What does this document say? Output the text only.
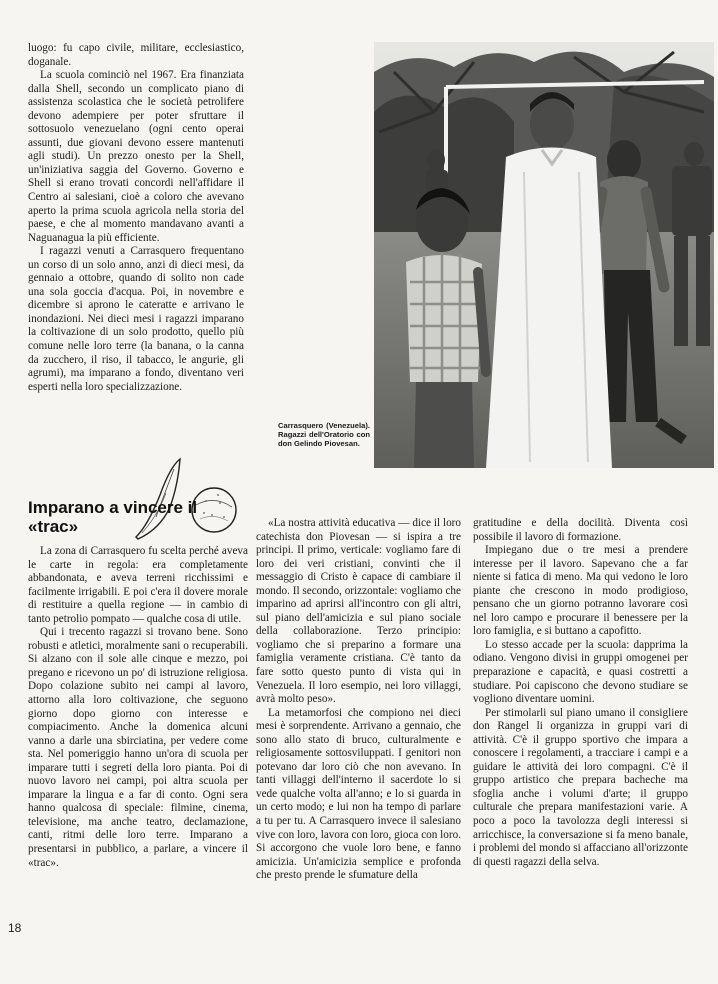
Carrasquero (Venezuela). Ragazzi dell'Oratorio con don Gelindo Piovesan.

luogo: fu capo civile, militare, ecclesiastico, doganale.

La scuola cominciò nel 1967. Era finanziata dalla Shell, secondo un complicato piano di assistenza scolastica che le società petrolifere devono adempiere per poter sfruttare il sottosuolo venezuelano (ogni cento operai assunti, due giovani devono essere mantenuti agli studi). Un prezzo onesto per la Shell, un'iniziativa saggia del Governo. Governo e Shell si erano trovati concordi nell'affidare il Centro ai salesiani, cioè a coloro che avevano aperto la prima scuola agricola nella storia del paese, e che al momento mandavano avanti a Naguanagua la più efficiente.

I ragazzi venuti a Carrasquero frequentano un corso di un solo anno, anzi di dieci mesi, da gennaio a ottobre, quando di solito non cade una sola goccia d'acqua. Poi, in novembre e dicembre si aprono le cateratte e arrivano le inondazioni. Nei dieci mesi i ragazzi imparano la coltivazione di un solo prodotto, quello più comune nelle loro terre (la banana, o la canna da zucchero, il riso, il tabacco, le angurie, gli agrumi), ma imparano a fondo, diventano veri esperti nella loro specializzazione.

Imparano a vincere il «trac»

La zona di Carrasquero fu scelta perché aveva le carte in regola: era completamente abbandonata, e aveva terreni ricchissimi e facilmente irrigabili. E poi c'era il dovere morale di restituire a quella regione — in cambio di tanto petrolio pompato — qualche cosa di utile.

Qui i trecento ragazzi si trovano bene. Sono robusti e atletici, moralmente sani o recuperabili. Si alzano con il sole alle cinque e mezzo, poi pregano e ricevono un po' di istruzione religiosa. Dopo colazione subito nei campi al lavoro, attorno alla loro coltivazione, che seguono giorno dopo giorno con interesse e compiacimento. Anche la domenica alcuni vanno a darle una sbirciatina, per vedere come sta. Nel pomeriggio hanno un'ora di scuola per imparare tutti i segreti della loro pianta. Poi di nuovo lavoro nei campi, poi altra scuola per imparare la lingua e a far di conto. Ogni sera hanno qualcosa di speciale: filmine, cinema, televisione, ma anche teatro, declamazione, canti, ritmi delle loro terre. Imparano a presentarsi in pubblico, a parlare, a vincere il «trac».

«La nostra attività educativa — dice il loro catechista don Piovesan — si ispira a tre principi. Il primo, verticale: vogliamo fare di loro dei veri cristiani, convinti che il messaggio di Cristo è capace di cambiare il mondo. Il secondo, orizzontale: vogliamo che imparino ad aprirsi all'incontro con gli altri, sul piano dell'amicizia e sul piano sociale della collaborazione. Terzo principio: vogliamo che si preparino a formare una famiglia veramente cristiana. C'è tanto da fare sotto questo punto di vista qui in Venezuela. Il loro esempio, nei loro villaggi, avrà molto peso».

La metamorfosi che compiono nei dieci mesi è sorprendente. Arrivano a gennaio, che sono allo stato di bruco, culturalmente e religiosamente sottosviluppati. I genitori non potevano dar loro ciò che non avevano. In tanti villaggi dell'interno il sacerdote lo si vede qualche volta all'anno; e lo si guarda in un certo modo; e lui non ha tempo di parlare a tu per tu. A Carrasquero invece il salesiano vive con loro, lavora con loro, gioca con loro. Si accorgono che vuole loro bene, e fanno amicizia. Un'amicizia semplice e profonda che presto prende le sfumature della

gratitudine e della docilità. Diventa così possibile il lavoro di formazione.

Impiegano due o tre mesi a prendere interesse per il lavoro. Sapevano che a far niente si fatica di meno. Ma qui vedono le loro piante che crescono in modo prodigioso, pensano che un giorno potranno lavorare così nel loro campo e procurare il benessere per la loro famiglia, e si buttano a capofitto.

Lo stesso accade per la scuola: dapprima la odiano. Vengono divisi in gruppi omogenei per preparazione e capacità, e quasi costretti a studiare. Poi capiscono che devono studiare se vogliono diventare uomini.

Per stimolarli sul piano umano il consigliere don Rangel li organizza in gruppi vari di attività. C'è il gruppo sportivo che impara a conoscere i regolamenti, a tracciare i campi e a guidare le attività dei loro compagni. C'è il gruppo artistico che prepara bacheche ma sfoglia anche i volumi d'arte; il gruppo culturale che prepara manifestazioni varie. A poco a poco la tavolozza degli interessi si arricchisce, la conversazione si fa meno banale, i problemi del mondo si affacciano all'orizzonte di questi ragazzi della selva.

18
